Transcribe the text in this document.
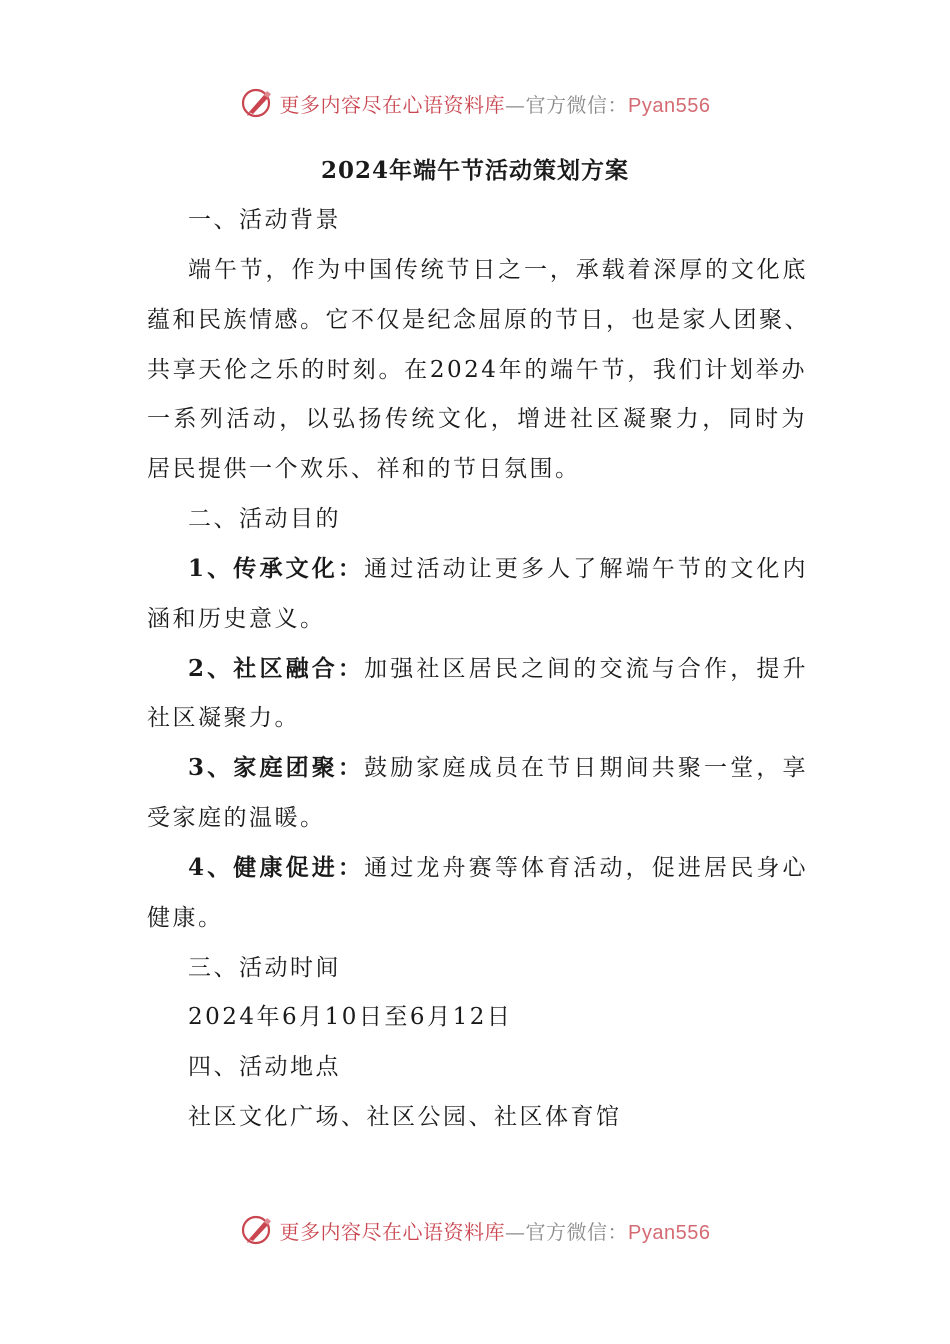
更多内容尽在心语资料库—官方微信：Pyan556
2024年端午节活动策划方案
一、活动背景
端午节，作为中国传统节日之一，承载着深厚的文化底
蕴和民族情感。它不仅是纪念屈原的节日，也是家人团聚、
共享天伦之乐的时刻。在2024年的端午节，我们计划举办
一系列活动，以弘扬传统文化，增进社区凝聚力，同时为
居民提供一个欢乐、祥和的节日氛围。
二、活动目的
1、传承文化：通过活动让更多人了解端午节的文化内
涵和历史意义。
2、社区融合：加强社区居民之间的交流与合作，提升
社区凝聚力。
3、家庭团聚：鼓励家庭成员在节日期间共聚一堂，享
受家庭的温暖。
4、健康促进：通过龙舟赛等体育活动，促进居民身心
健康。
三、活动时间
2024年6月10日至6月12日
四、活动地点
社区文化广场、社区公园、社区体育馆
更多内容尽在心语资料库—官方微信：Pyan556
